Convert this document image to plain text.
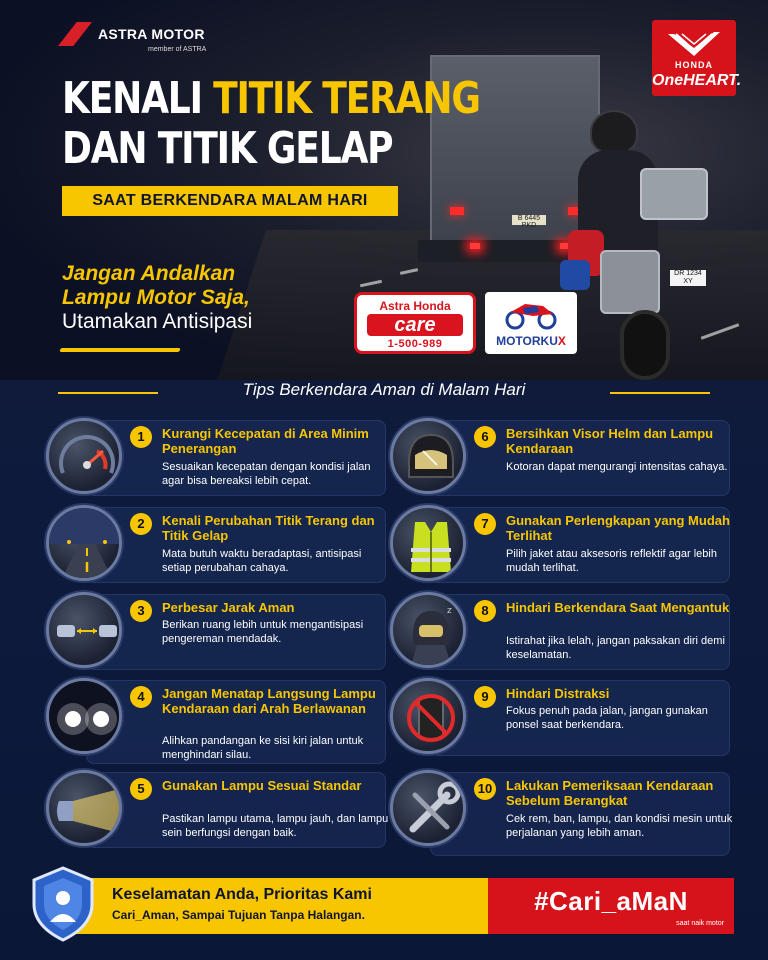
B 6445 PKD
DR 1234 XY
ASTRA MOTOR
member of ASTRA
HONDA
OneHEART.
KENALI TITIK TERANG
DAN TITIK GELAP
SAAT BERKENDARA MALAM HARI
Jangan Andalkan
Lampu Motor Saja,
Utamakan Antisipasi
Astra Honda
care
1-500-989	MOTORKUX
Tips Berkendara Aman di Malam Hari
1	Kurangi Kecepatan di Area Minim Penerangan
Sesuaikan kecepatan dengan kondisi jalan agar bisa bereaksi lebih cepat.
2	Kenali Perubahan Titik Terang dan Titik Gelap
Mata butuh waktu beradaptasi, antisipasi setiap perubahan cahaya.
3	Perbesar Jarak Aman
Berikan ruang lebih untuk mengantisipasi pengereman mendadak.
4	Jangan Menatap Langsung Lampu Kendaraan dari Arah Berlawanan
Alihkan pandangan ke sisi kiri jalan untuk menghindari silau.
5	Gunakan Lampu Sesuai Standar
Pastikan lampu utama, lampu jauh, dan lampu sein berfungsi dengan baik.
6	Bersihkan Visor Helm dan Lampu Kendaraan
Kotoran dapat mengurangi intensitas cahaya.
7	Gunakan Perlengkapan yang Mudah Terlihat
Pilih jaket atau aksesoris reflektif agar lebih mudah terlihat.
z	8	Hindari Berkendara Saat Mengantuk
Istirahat jika lelah, jangan paksakan diri demi keselamatan.
9	Hindari Distraksi
Fokus penuh pada jalan, jangan gunakan ponsel saat berkendara.
10 Lakukan Pemeriksaan Kendaraan Sebelum Berangkat
Cek rem, ban, lampu, dan kondisi mesin untuk perjalanan yang lebih aman.
#Cari_aMaN
saat naik motor
Keselamatan Anda, Prioritas Kami
Cari_Aman, Sampai Tujuan Tanpa Halangan.
